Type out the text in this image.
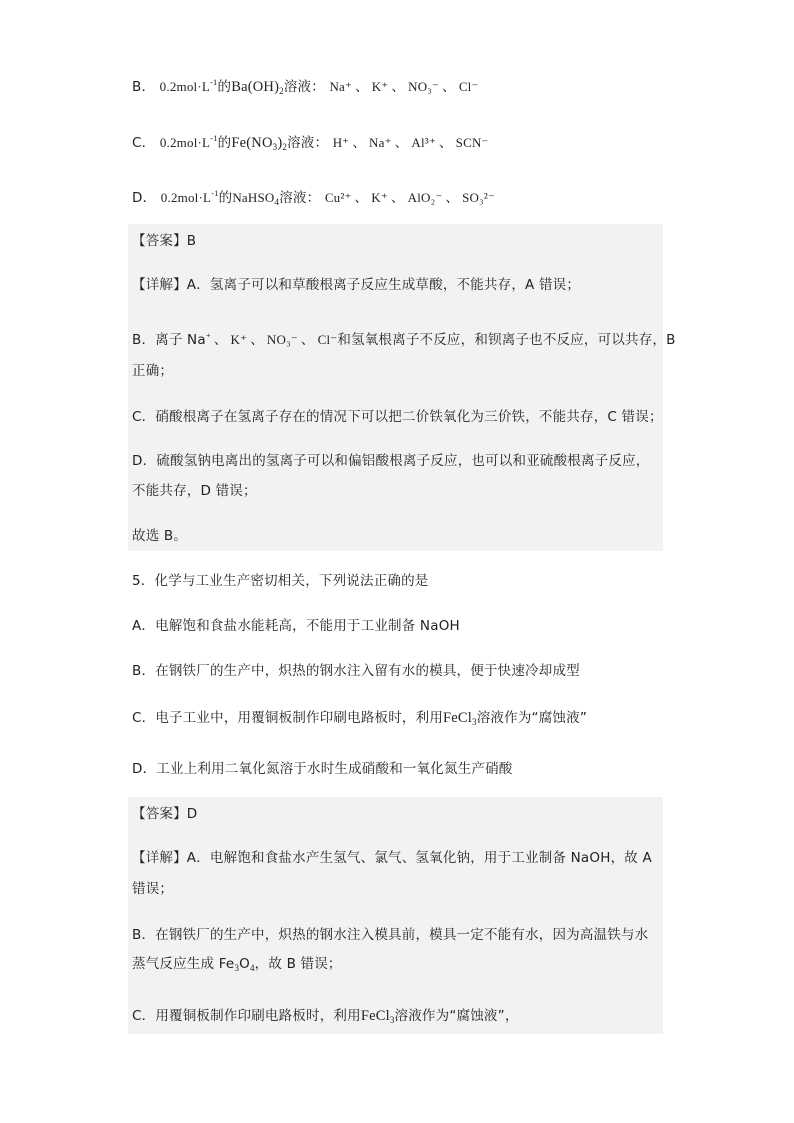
B． $0.2mol\cdot L^{-1}$的$Ba(OH)_2$溶液： Na⁺ 、 K⁺ 、 NO₃⁻ 、 Cl⁻
C． $0.2mol\cdot L^{-1}$的$Fe(NO_3)_2$溶液： H⁺ 、 Na⁺ 、 Al³⁺ 、 SCN⁻
D． $0.2mol\cdot L^{-1}$的NaHSO$_4$溶液： Cu²⁺ 、 K⁺ 、 AlO₂⁻ 、 SO₃²⁻
【答案】B
【详解】A．氢离子可以和草酸根离子反应生成草酸，不能共存，A 错误；
B．离子 Na+ 、 K⁺ 、 NO₃⁻ 、 Cl⁻和氢氧根离子不反应，和钡离子也不反应，可以共存，B
正确；
C．硝酸根离子在氢离子存在的情况下可以把二价铁氧化为三价铁，不能共存，C 错误；
D．硫酸氢钠电离出的氢离子可以和偏铝酸根离子反应，也可以和亚硫酸根离子反应，
不能共存，D 错误；
故选 B。
5．化学与工业生产密切相关，下列说法正确的是
A．电解饱和食盐水能耗高，不能用于工业制备 NaOH
B．在钢铁厂的生产中，炽热的钢水注入留有水的模具，便于快速冷却成型
C．电子工业中，用覆铜板制作印刷电路板时，利用FeCl$_3$溶液作为“腐蚀液”
D．工业上利用二氧化氮溶于水时生成硝酸和一氧化氮生产硝酸
【答案】D
【详解】A．电解饱和食盐水产生氢气、氯气、氢氧化钠，用于工业制备 NaOH，故 A
错误；
B．在钢铁厂的生产中，炽热的钢水注入模具前，模具一定不能有水，因为高温铁与水
蒸气反应生成 $Fe_3O_4$，故 B 错误；
C．用覆铜板制作印刷电路板时，利用FeCl$_3$溶液作为“腐蚀液”，
